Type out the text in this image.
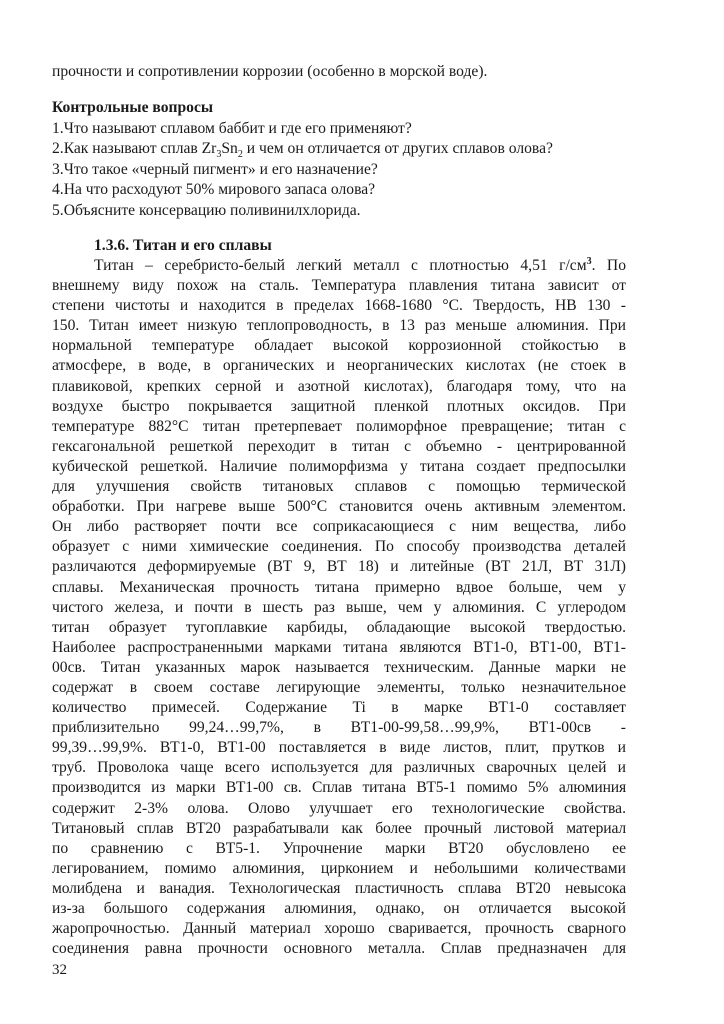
прочности и сопротивлении коррозии (особенно в морской воде).
Контрольные вопросы
1.Что называют сплавом баббит и где его применяют?
2.Как называют сплав $Zr_3Sn_2$ и чем он отличается от других сплавов олова?
3.Что такое «черный пигмент» и его назначение?
4.На что расходуют 50% мирового запаса олова?
5.Объясните консервацию поливинилхлорида.
1.3.6. Титан и его сплавы
Титан – серебристо-белый легкий металл с плотностью 4,51 $г/см^3$. По
внешнему виду похож на сталь. Температура плавления титана зависит от
степени чистоты и находится в пределах 1668-1680 °С. Твердость, НВ 130 -
150. Титан имеет низкую теплопроводность, в 13 раз меньше алюминия. При
нормальной температуре обладает высокой коррозионной стойкостью в
атмосфере, в воде, в органических и неорганических кислотах (не стоек в
плавиковой, крепких серной и азотной кислотах), благодаря тому, что на
воздухе быстро покрывается защитной пленкой плотных оксидов. При
температуре 882°С титан претерпевает полиморфное превращение; титан с
гексагональной решеткой переходит в титан с объемно - центрированной
кубической решеткой. Наличие полиморфизма у титана создает предпосылки
для улучшения свойств титановых сплавов с помощью термической
обработки. При нагреве выше 500°С становится очень активным элементом.
Он либо растворяет почти все соприкасающиеся с ним вещества, либо
образует с ними химические соединения. По способу производства деталей
различаются деформируемые (ВТ 9, ВТ 18) и литейные (ВТ 21Л, ВТ 31Л)
сплавы. Механическая прочность титана примерно вдвое больше, чем у
чистого железа, и почти в шесть раз выше, чем у алюминия. С углеродом
титан образует тугоплавкие карбиды, обладающие высокой твердостью.
Наиболее распространенными марками титана являются ВТ1-0, ВТ1-00, ВТ1-
00св. Титан указанных марок называется техническим. Данные марки не
содержат в своем составе легирующие элементы, только незначительное
количество примесей. Содержание Ti в марке ВТ1-0 составляет
приблизительно 99,24…99,7%, в ВТ1-00-99,58…99,9%, ВТ1-00св -
99,39…99,9%. ВТ1-0, ВТ1-00 поставляется в виде листов, плит, прутков и
труб. Проволока чаще всего используется для различных сварочных целей и
производится из марки ВТ1-00 св. Сплав титана ВТ5-1 помимо 5% алюминия
содержит 2-3% олова. Олово улучшает его технологические свойства.
Титановый сплав ВТ20 разрабатывали как более прочный листовой материал
по сравнению с ВТ5-1. Упрочнение марки ВТ20 обусловлено ее
легированием, помимо алюминия, цирконием и небольшими количествами
молибдена и ванадия. Технологическая пластичность сплава ВТ20 невысока
из-за большого содержания алюминия, однако, он отличается высокой
жаропрочностью. Данный материал хорошо сваривается, прочность сварного
соединения равна прочности основного металла. Сплав предназначен для
32
